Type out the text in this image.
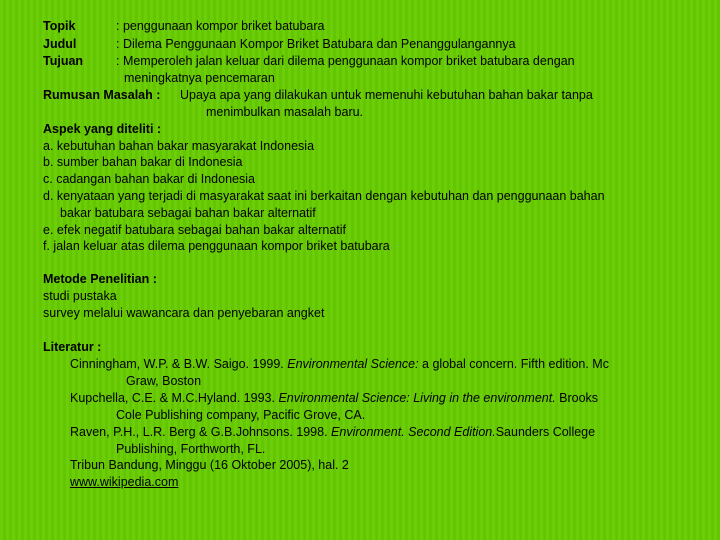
Topik	: penggunaan kompor briket batubara
Judul	: Dilema Penggunaan Kompor Briket Batubara dan Penanggulangannya
Tujuan	: Memperoleh jalan keluar dari dilema penggunaan kompor briket batubara dengan
meningkatnya pencemaran
Rumusan Masalah : Upaya apa yang dilakukan untuk memenuhi kebutuhan bahan bakar tanpa
menimbulkan masalah baru.
Aspek yang diteliti :
a. kebutuhan bahan bakar masyarakat Indonesia
b. sumber bahan bakar di Indonesia
c. cadangan bahan bakar di Indonesia
d. kenyataan yang terjadi di masyarakat saat ini berkaitan dengan kebutuhan dan penggunaan bahan
bakar batubara sebagai bahan bakar alternatif
e. efek negatif batubara sebagai bahan bakar alternatif
f. jalan keluar atas dilema penggunaan kompor briket batubara
Metode Penelitian :
studi pustaka
survey melalui wawancara dan penyebaran angket
Literatur :
Cinningham, W.P. & B.W. Saigo. 1999. Environmental Science: a global concern. Fifth edition. Mc
Graw, Boston
Kupchella, C.E. & M.C.Hyland. 1993. Environmental Science: Living in the environment. Brooks
Cole Publishing company, Pacific Grove, CA.
Raven, P.H., L.R. Berg & G.B.Johnsons. 1998. Environment. Second Edition.Saunders College
Publishing, Forthworth, FL.
Tribun Bandung, Minggu (16 Oktober 2005), hal. 2
www.wikipedia.com
